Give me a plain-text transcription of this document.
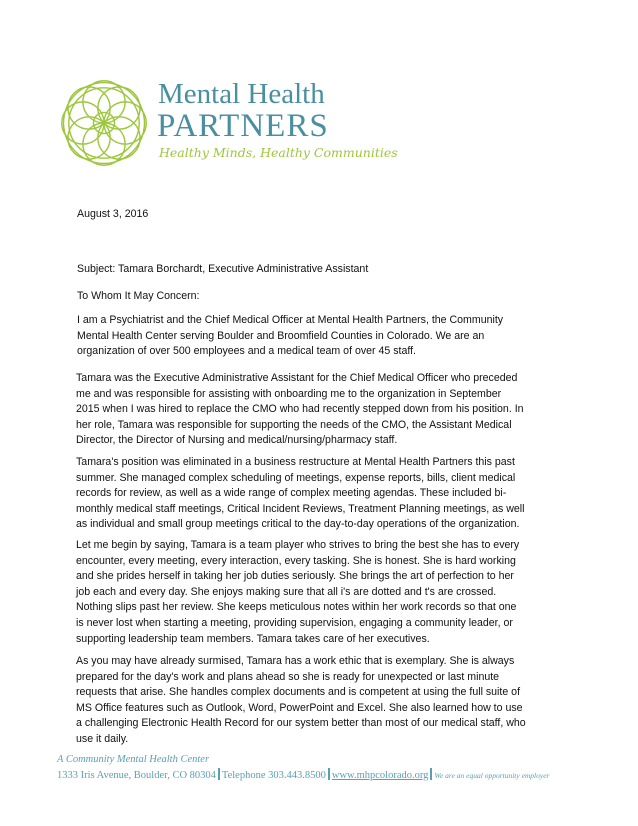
Mental Health
PARTNERS
Healthy Minds, Healthy Communities
August 3, 2016
Subject: Tamara Borchardt, Executive Administrative Assistant
To Whom It May Concern:
I am a Psychiatrist and the Chief Medical Officer at Mental Health Partners, the Community Mental Health Center serving Boulder and Broomfield Counties in Colorado. We are an organization of over 500 employees and a medical team of over 45 staff.
Tamara was the Executive Administrative Assistant for the Chief Medical Officer who preceded me and was responsible for assisting with onboarding me to the organization in September 2015 when I was hired to replace the CMO who had recently stepped down from his position. In her role, Tamara was responsible for supporting the needs of the CMO, the Assistant Medical Director, the Director of Nursing and medical/nursing/pharmacy staff.
Tamara's position was eliminated in a business restructure at Mental Health Partners this past summer. She managed complex scheduling of meetings, expense reports, bills, client medical records for review, as well as a wide range of complex meeting agendas. These included bi-monthly medical staff meetings, Critical Incident Reviews, Treatment Planning meetings, as well as individual and small group meetings critical to the day-to-day operations of the organization.
Let me begin by saying, Tamara is a team player who strives to bring the best she has to every encounter, every meeting, every interaction, every tasking. She is honest. She is hard working and she prides herself in taking her job duties seriously. She brings the art of perfection to her job each and every day. She enjoys making sure that all i's are dotted and t's are crossed. Nothing slips past her review. She keeps meticulous notes within her work records so that one is never lost when starting a meeting, providing supervision, engaging a community leader, or supporting leadership team members. Tamara takes care of her executives.
As you may have already surmised, Tamara has a work ethic that is exemplary. She is always prepared for the day's work and plans ahead so she is ready for unexpected or last minute requests that arise. She handles complex documents and is competent at using the full suite of MS Office features such as Outlook, Word, PowerPoint and Excel. She also learned how to use a challenging Electronic Health Record for our system better than most of our medical staff, who use it daily.
A Community Mental Health Center
1333 Iris Avenue, Boulder, CO 80304 Telephone 303.443.8500 www.mhpcolorado.org We are an equal opportunity employer
